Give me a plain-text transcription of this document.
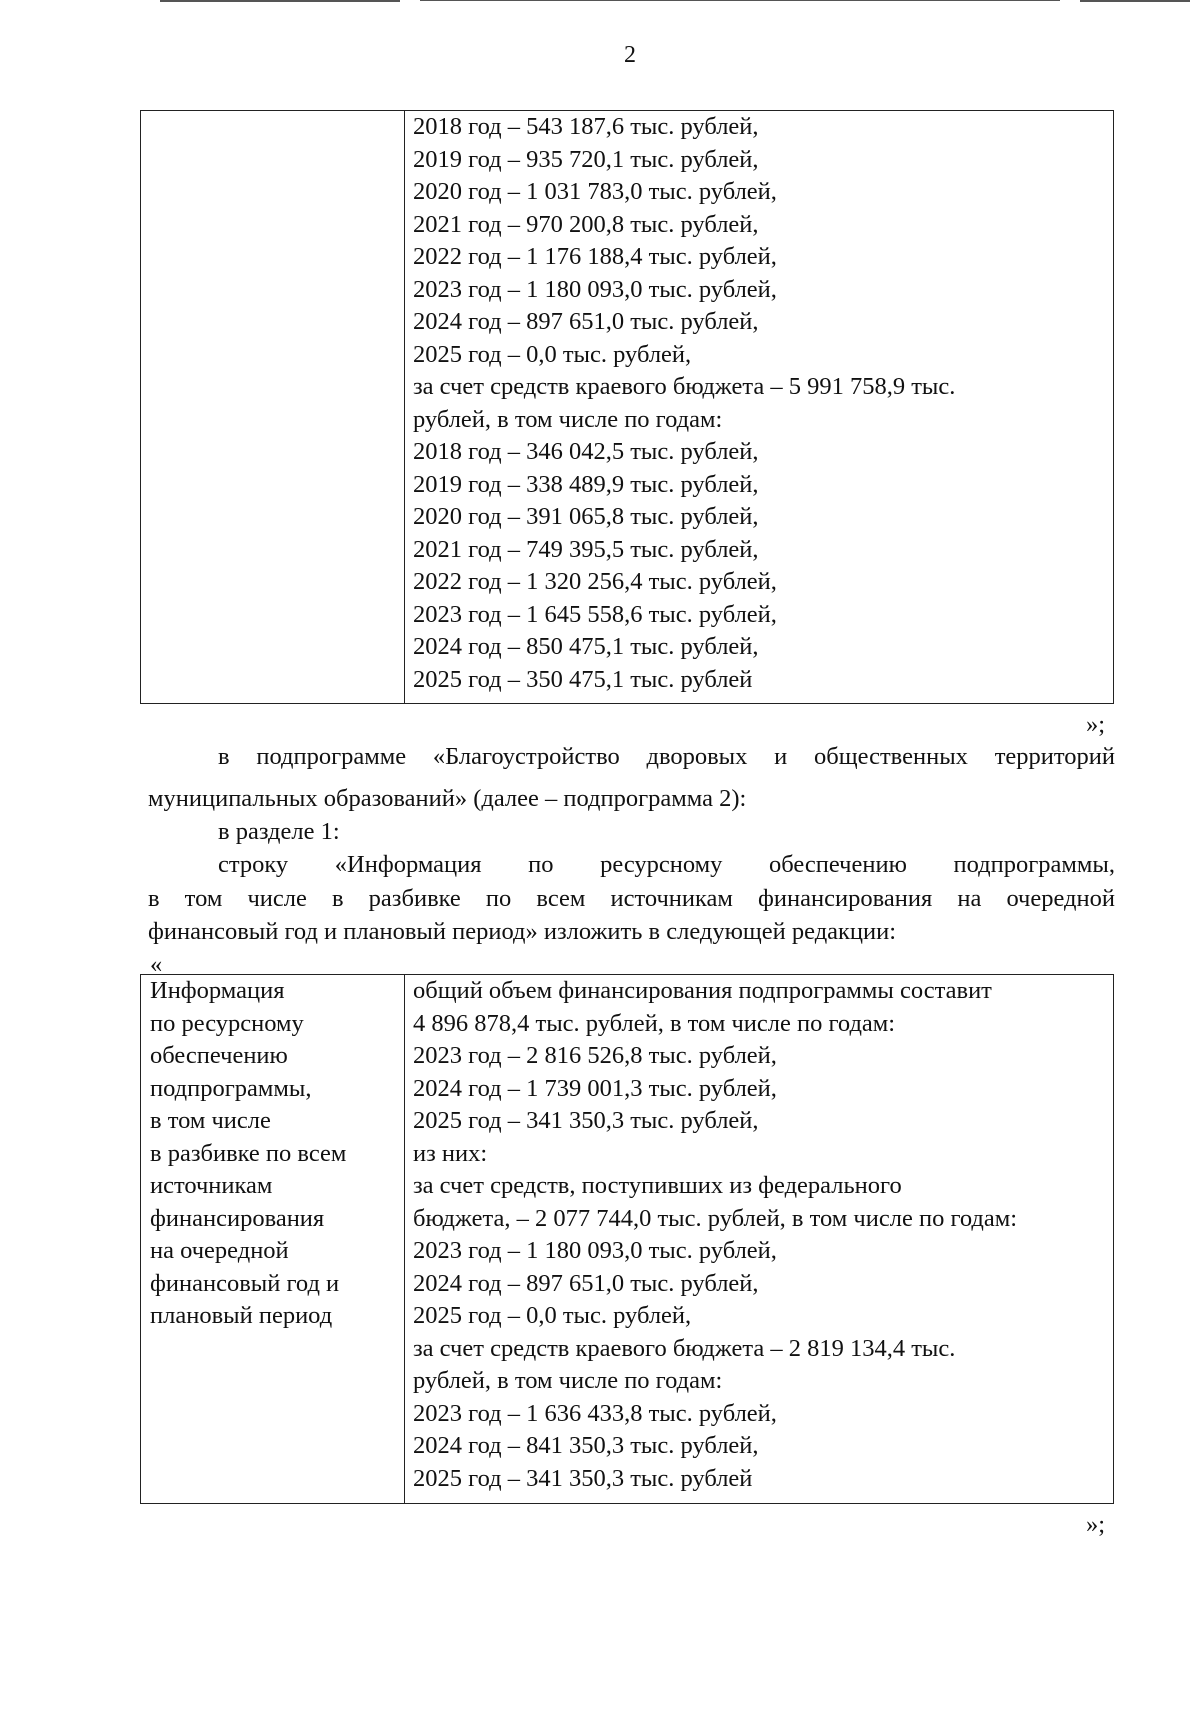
2
2018 год – 543 187,6 тыс. рублей,
2019 год – 935 720,1 тыс. рублей,
2020 год – 1 031 783,0 тыс. рублей,
2021 год – 970 200,8 тыс. рублей,
2022 год – 1 176 188,4 тыс. рублей,
2023 год – 1 180 093,0 тыс. рублей,
2024 год – 897 651,0 тыс. рублей,
2025 год – 0,0 тыс. рублей,
за счет средств краевого бюджета – 5 991 758,9 тыс.
рублей, в том числе по годам:
2018 год – 346 042,5 тыс. рублей,
2019 год – 338 489,9 тыс. рублей,
2020 год – 391 065,8 тыс. рублей,
2021 год – 749 395,5 тыс. рублей,
2022 год – 1 320 256,4 тыс. рублей,
2023 год – 1 645 558,6 тыс. рублей,
2024 год – 850 475,1 тыс. рублей,
2025 год – 350 475,1 тыс. рублей
»;
в подпрограмме «Благоустройство дворовых и общественных территорий
муниципальных образований» (далее – подпрограмма 2):
в разделе 1:
строку «Информация по ресурсному обеспечению подпрограммы,
в том числе в разбивке по всем источникам финансирования на очередной
финансовый год и плановый период» изложить в следующей редакции:
«
Информация
по ресурсному
обеспечению
подпрограммы,
в том числе
в разбивке по всем
источникам
финансирования
на очередной
финансовый год и
плановый период
общий объем финансирования подпрограммы составит
4 896 878,4 тыс. рублей, в том числе по годам:
2023 год – 2 816 526,8 тыс. рублей,
2024 год – 1 739 001,3 тыс. рублей,
2025 год – 341 350,3 тыс. рублей,
из них:
за счет средств, поступивших из федерального
бюджета, – 2 077 744,0 тыс. рублей, в том числе по годам:
2023 год – 1 180 093,0 тыс. рублей,
2024 год – 897 651,0 тыс. рублей,
2025 год – 0,0 тыс. рублей,
за счет средств краевого бюджета – 2 819 134,4 тыс.
рублей, в том числе по годам:
2023 год – 1 636 433,8 тыс. рублей,
2024 год – 841 350,3 тыс. рублей,
2025 год – 341 350,3 тыс. рублей
»;
